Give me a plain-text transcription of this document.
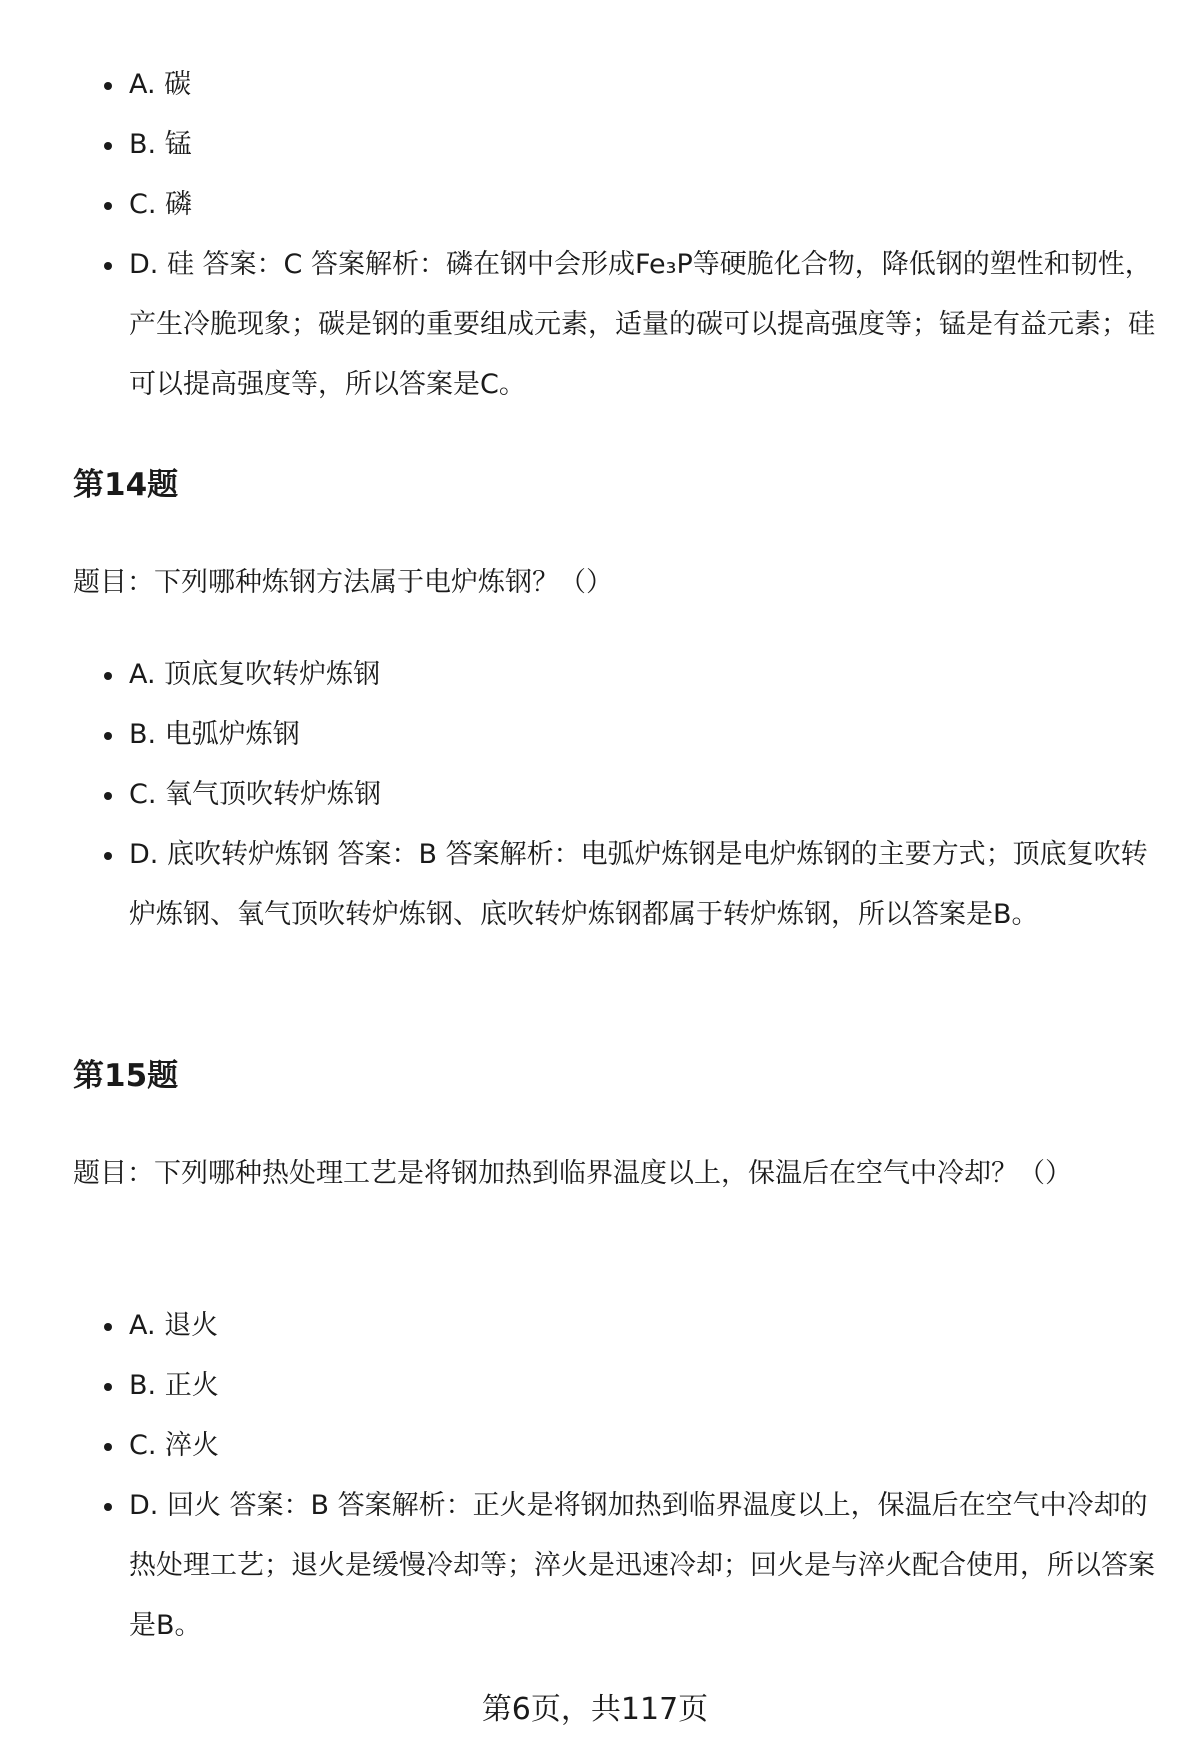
A. 碳
B. 锰
C. 磷
D. 硅 答案：C 答案解析：磷在钢中会形成Fe₃P等硬脆化合物，降低钢的塑性和韧性，产生冷脆现象；碳是钢的重要组成元素，适量的碳可以提高强度等；锰是有益元素；硅可以提高强度等，所以答案是C。
第14题

题目：下列哪种炼钢方法属于电炉炼钢？（）

A. 顶底复吹转炉炼钢
B. 电弧炉炼钢
C. 氧气顶吹转炉炼钢
D. 底吹转炉炼钢 答案：B 答案解析：电弧炉炼钢是电炉炼钢的主要方式；顶底复吹转炉炼钢、氧气顶吹转炉炼钢、底吹转炉炼钢都属于转炉炼钢，所以答案是B。
第15题

题目：下列哪种热处理工艺是将钢加热到临界温度以上，保温后在空气中冷却？（）

A. 退火
B. 正火
C. 淬火
D. 回火 答案：B 答案解析：正火是将钢加热到临界温度以上，保温后在空气中冷却的热处理工艺；退火是缓慢冷却等；淬火是迅速冷却；回火是与淬火配合使用，所以答案是B。
第6页，共117页
